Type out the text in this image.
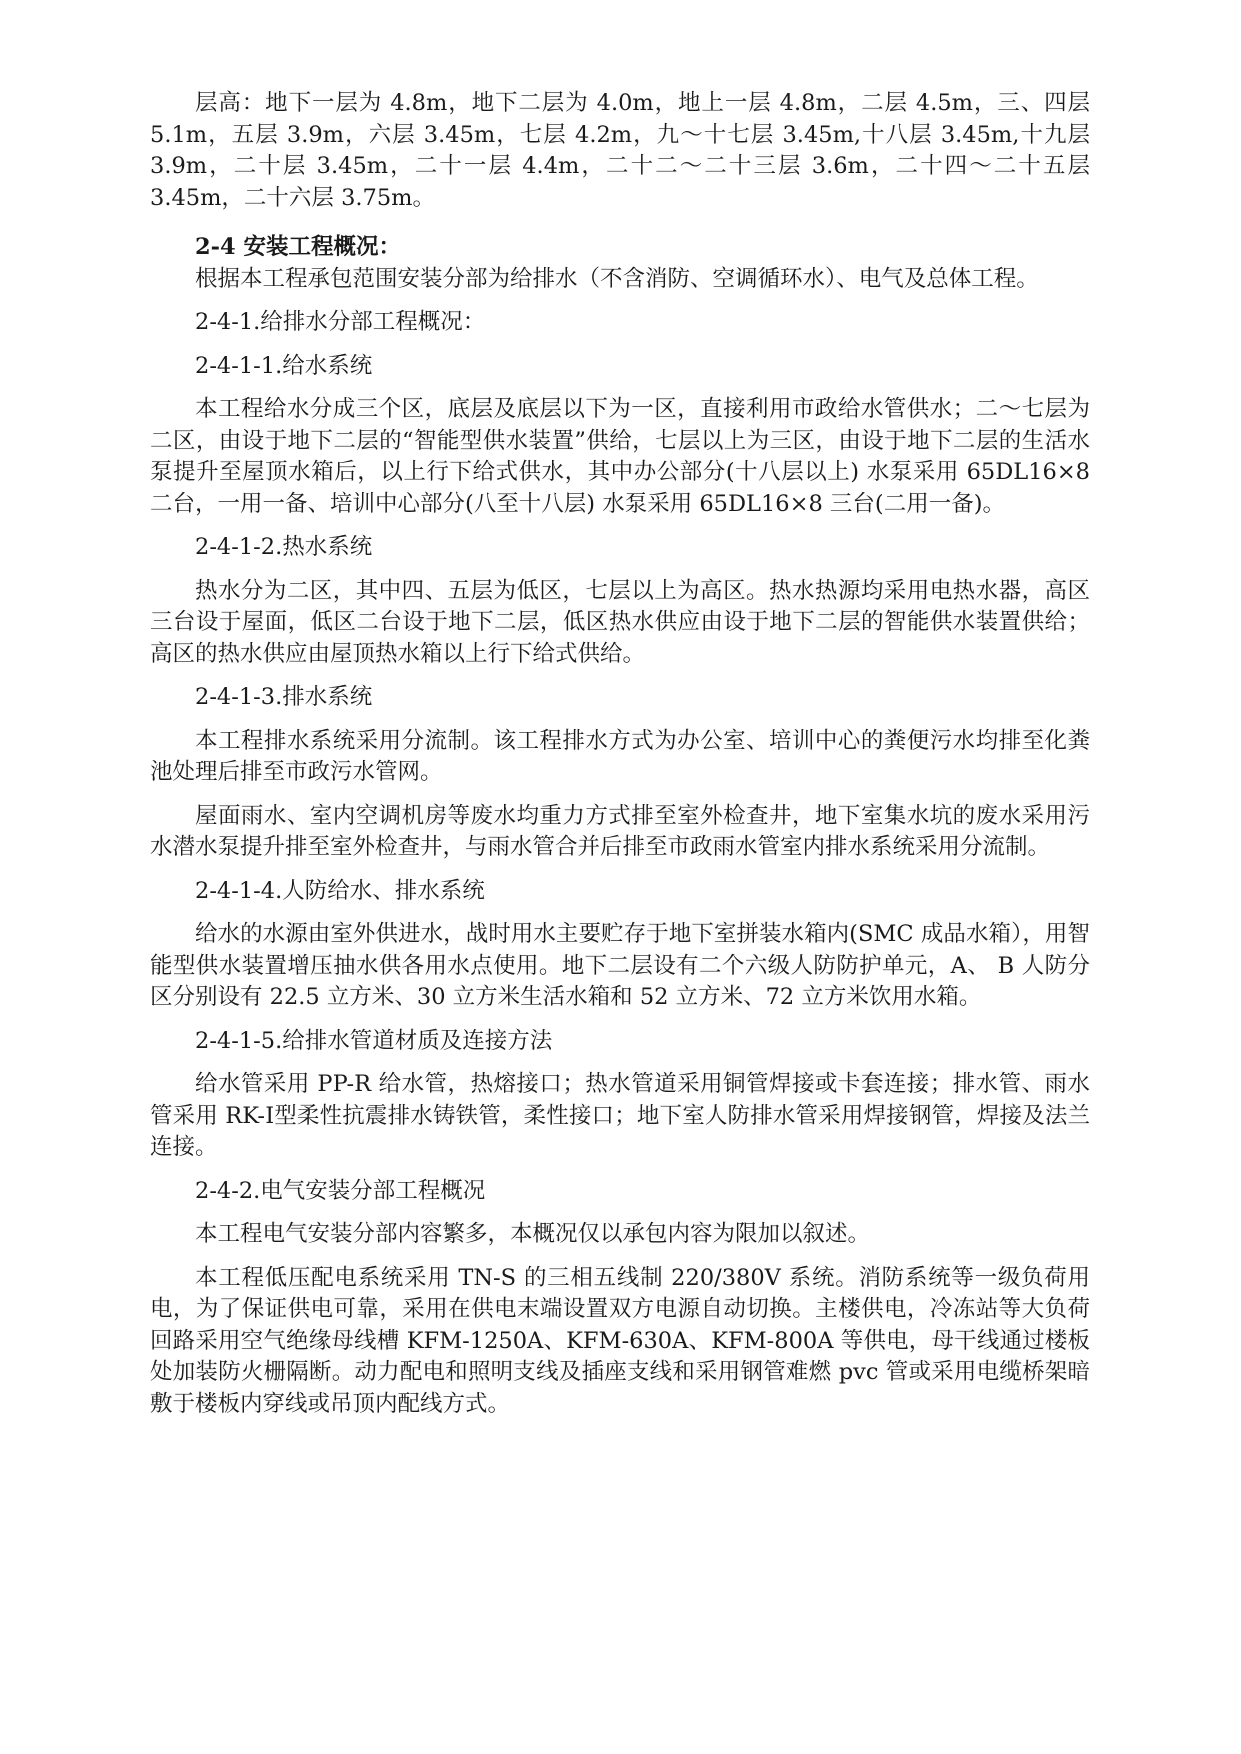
层高：地下一层为 4.8m，地下二层为 4.0m，地上一层 4.8m，二层 4.5m，三、四层 5.1m，五层 3.9m，六层 3.45m，七层 4.2m，九～十七层 3.45m,十八层 3.45m,十九层 3.9m，二十层 3.45m，二十一层 4.4m，二十二～二十三层 3.6m，二十四～二十五层 3.45m，二十六层 3.75m。

2-4 安装工程概况：

根据本工程承包范围安装分部为给排水（不含消防、空调循环水）、电气及总体工程。

2-4-1.给排水分部工程概况：

2-4-1-1.给水系统

本工程给水分成三个区，底层及底层以下为一区，直接利用市政给水管供水；二～七层为二区，由设于地下二层的“智能型供水装置”供给，七层以上为三区，由设于地下二层的生活水泵提升至屋顶水箱后，以上行下给式供水，其中办公部分(十八层以上) 水泵采用 65DL16×8 二台，一用一备、培训中心部分(八至十八层) 水泵采用 65DL16×8 三台(二用一备)。

2-4-1-2.热水系统

热水分为二区，其中四、五层为低区，七层以上为高区。热水热源均采用电热水器，高区三台设于屋面，低区二台设于地下二层，低区热水供应由设于地下二层的智能供水装置供给；高区的热水供应由屋顶热水箱以上行下给式供给。

2-4-1-3.排水系统

本工程排水系统采用分流制。该工程排水方式为办公室、培训中心的粪便污水均排至化粪池处理后排至市政污水管网。

屋面雨水、室内空调机房等废水均重力方式排至室外检查井，地下室集水坑的废水采用污水潜水泵提升排至室外检查井，与雨水管合并后排至市政雨水管室内排水系统采用分流制。

2-4-1-4.人防给水、排水系统

给水的水源由室外供进水，战时用水主要贮存于地下室拼装水箱内(SMC 成品水箱），用智能型供水装置增压抽水供各用水点使用。地下二层设有二个六级人防防护单元，A、 B 人防分区分别设有 22.5 立方米、30 立方米生活水箱和 52 立方米、72 立方米饮用水箱。

2-4-1-5.给排水管道材质及连接方法

给水管采用 PP-R 给水管，热熔接口；热水管道采用铜管焊接或卡套连接；排水管、雨水管采用 RK-Ⅰ型柔性抗震排水铸铁管，柔性接口；地下室人防排水管采用焊接钢管，焊接及法兰连接。

2-4-2.电气安装分部工程概况

本工程电气安装分部内容繁多，本概况仅以承包内容为限加以叙述。

本工程低压配电系统采用 TN-S 的三相五线制 220/380V 系统。消防系统等一级负荷用电，为了保证供电可靠，采用在供电末端设置双方电源自动切换。主楼供电，冷冻站等大负荷回路采用空气绝缘母线槽 KFM-1250A、KFM-630A、KFM-800A 等供电，母干线通过楼板处加装防火栅隔断。动力配电和照明支线及插座支线和采用钢管难燃 pvc 管或采用电缆桥架暗敷于楼板内穿线或吊顶内配线方式。
